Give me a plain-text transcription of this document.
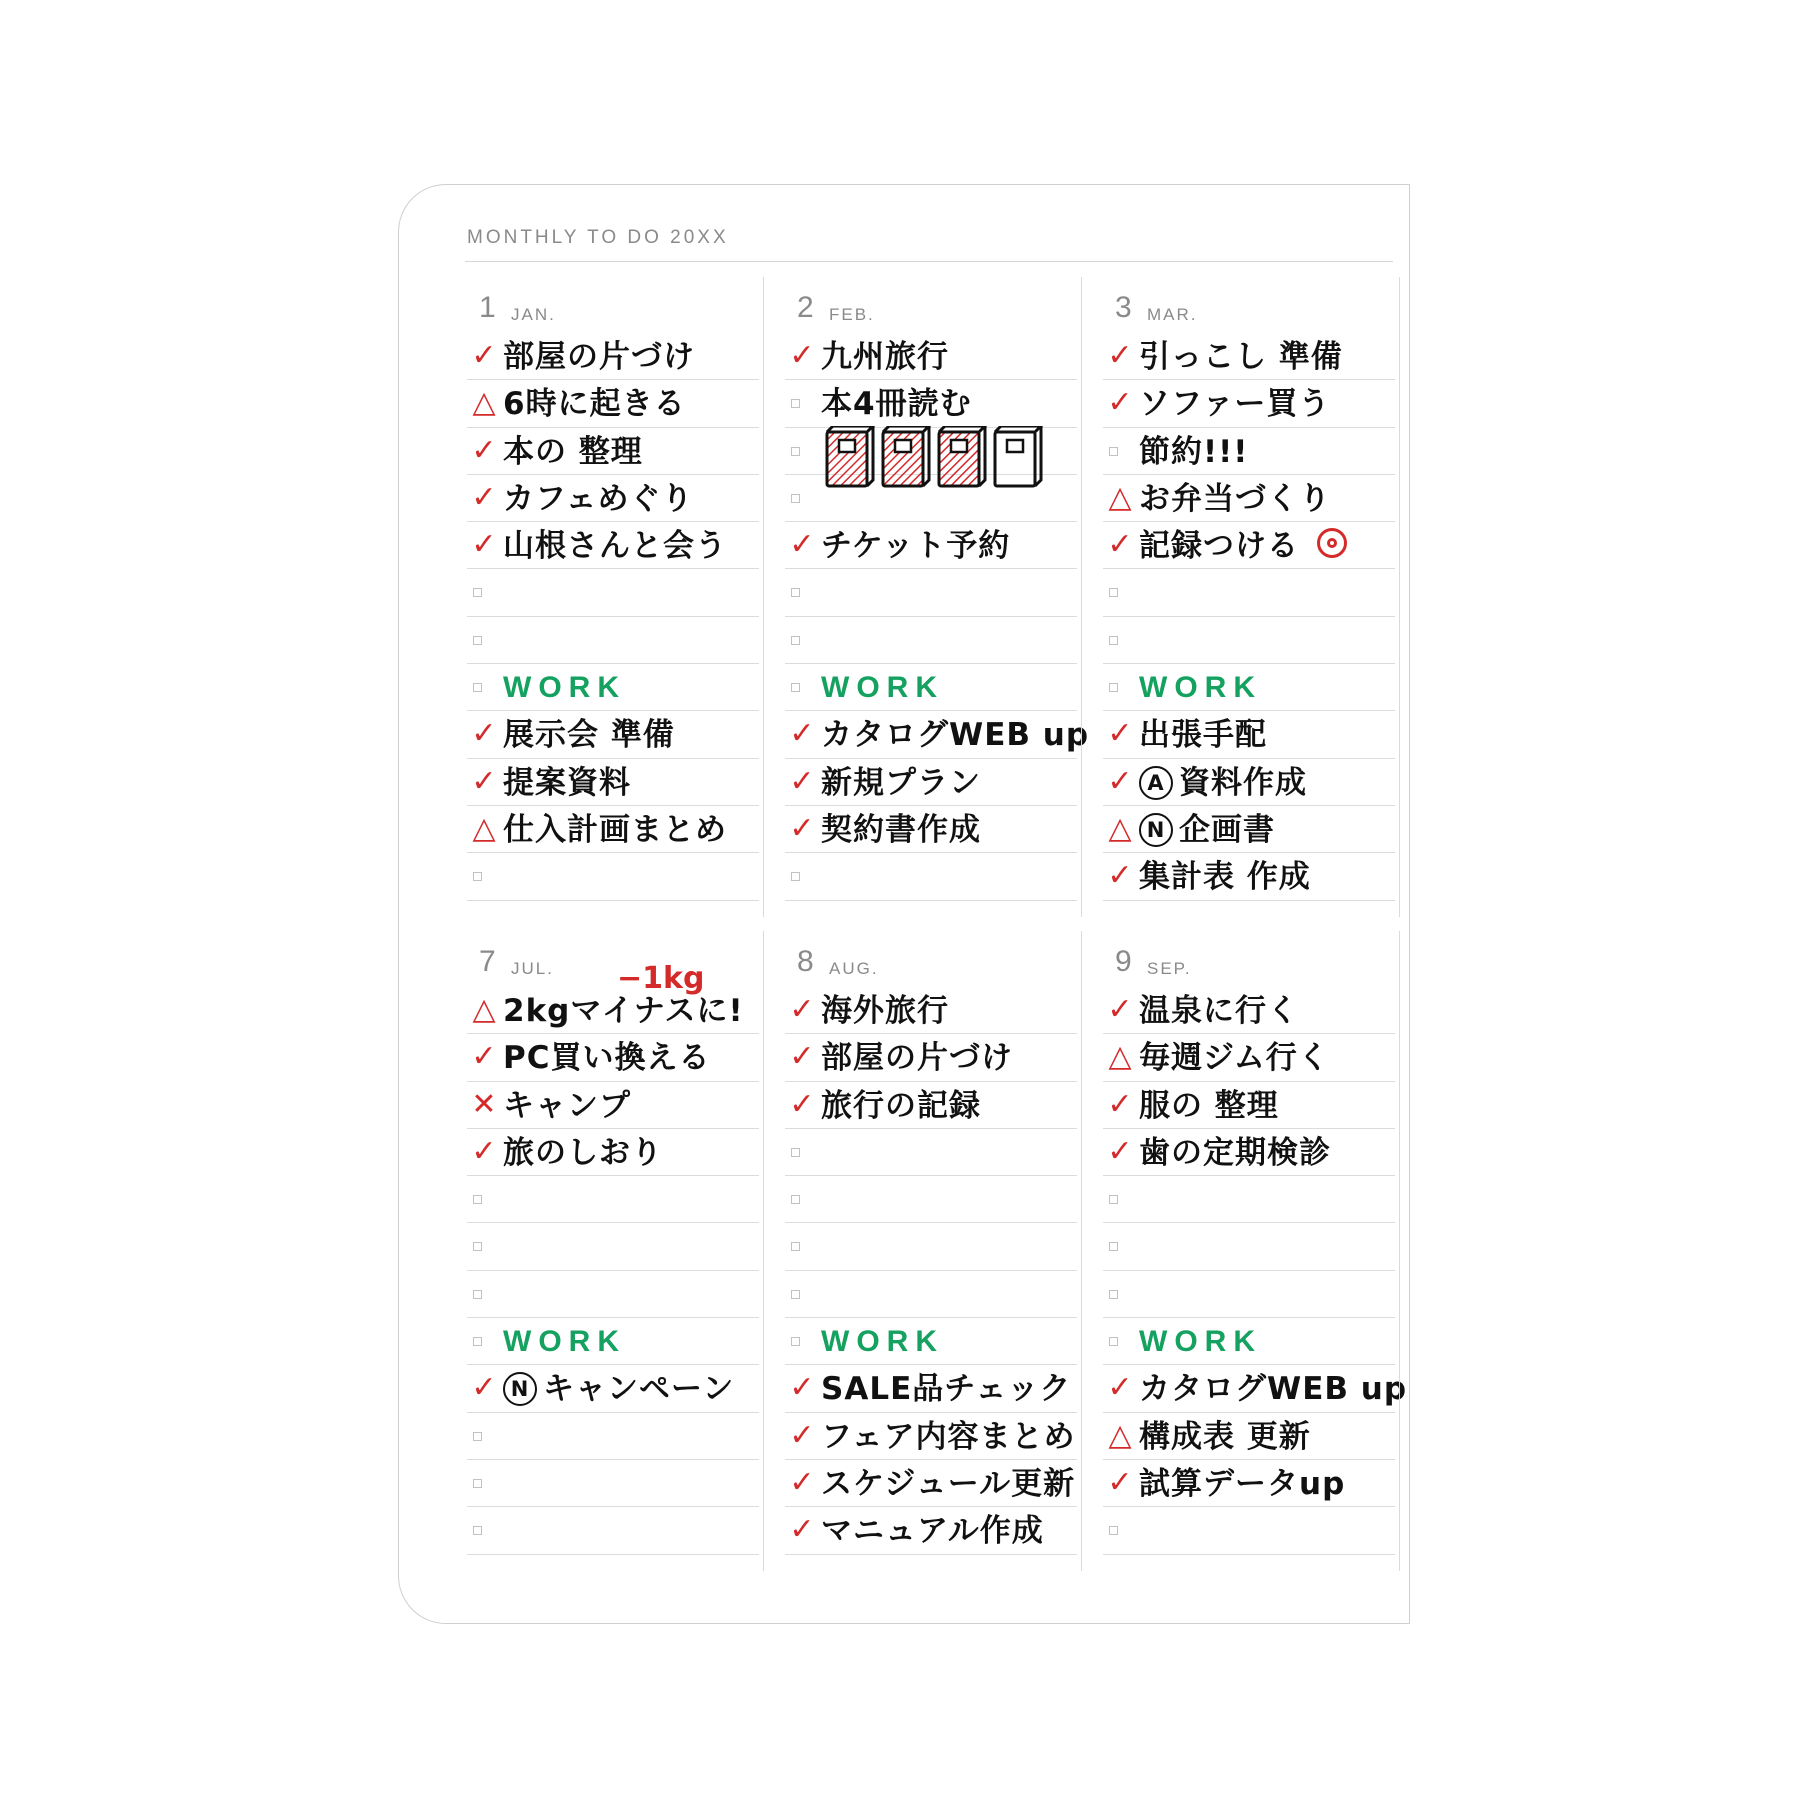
MONTHLY TO DO 20XX
1 JAN.
✓ 部屋の片づけ
△ 6時に起きる
✓ 本の 整理
✓ カフェめぐり
✓ 山根さんと会う
WORK
✓ 展示会 準備
✓ 提案資料
△ 仕入計画まとめ
2 FEB.
✓ 九州旅行
本4冊読む
✓ チケット予約
WORK
✓ カタログWEB up
✓ 新規プラン
✓ 契約書作成
3 MAR.
✓ 引っこし 準備
✓ ソファー買う
節約!!!
△ お弁当づくり
✓ 記録つける
WORK
✓ 出張手配
✓ A 資料作成
△ N 企画書
✓ 集計表 作成
7 JUL.
△ 2kgマイナスに!
−1kg
✓ PC買い換える
✕ キャンプ
✓ 旅のしおり
WORK
✓ N キャンペーン
8 AUG.
✓ 海外旅行
✓ 部屋の片づけ
✓ 旅行の記録
WORK
✓ SALE品チェック
✓ フェア内容まとめ
✓ スケジュール更新
✓ マニュアル作成
9 SEP.
✓ 温泉に行く
△ 毎週ジム行く
✓ 服の 整理
✓ 歯の定期検診
WORK
✓ カタログWEB up
△ 構成表 更新
✓ 試算データup
